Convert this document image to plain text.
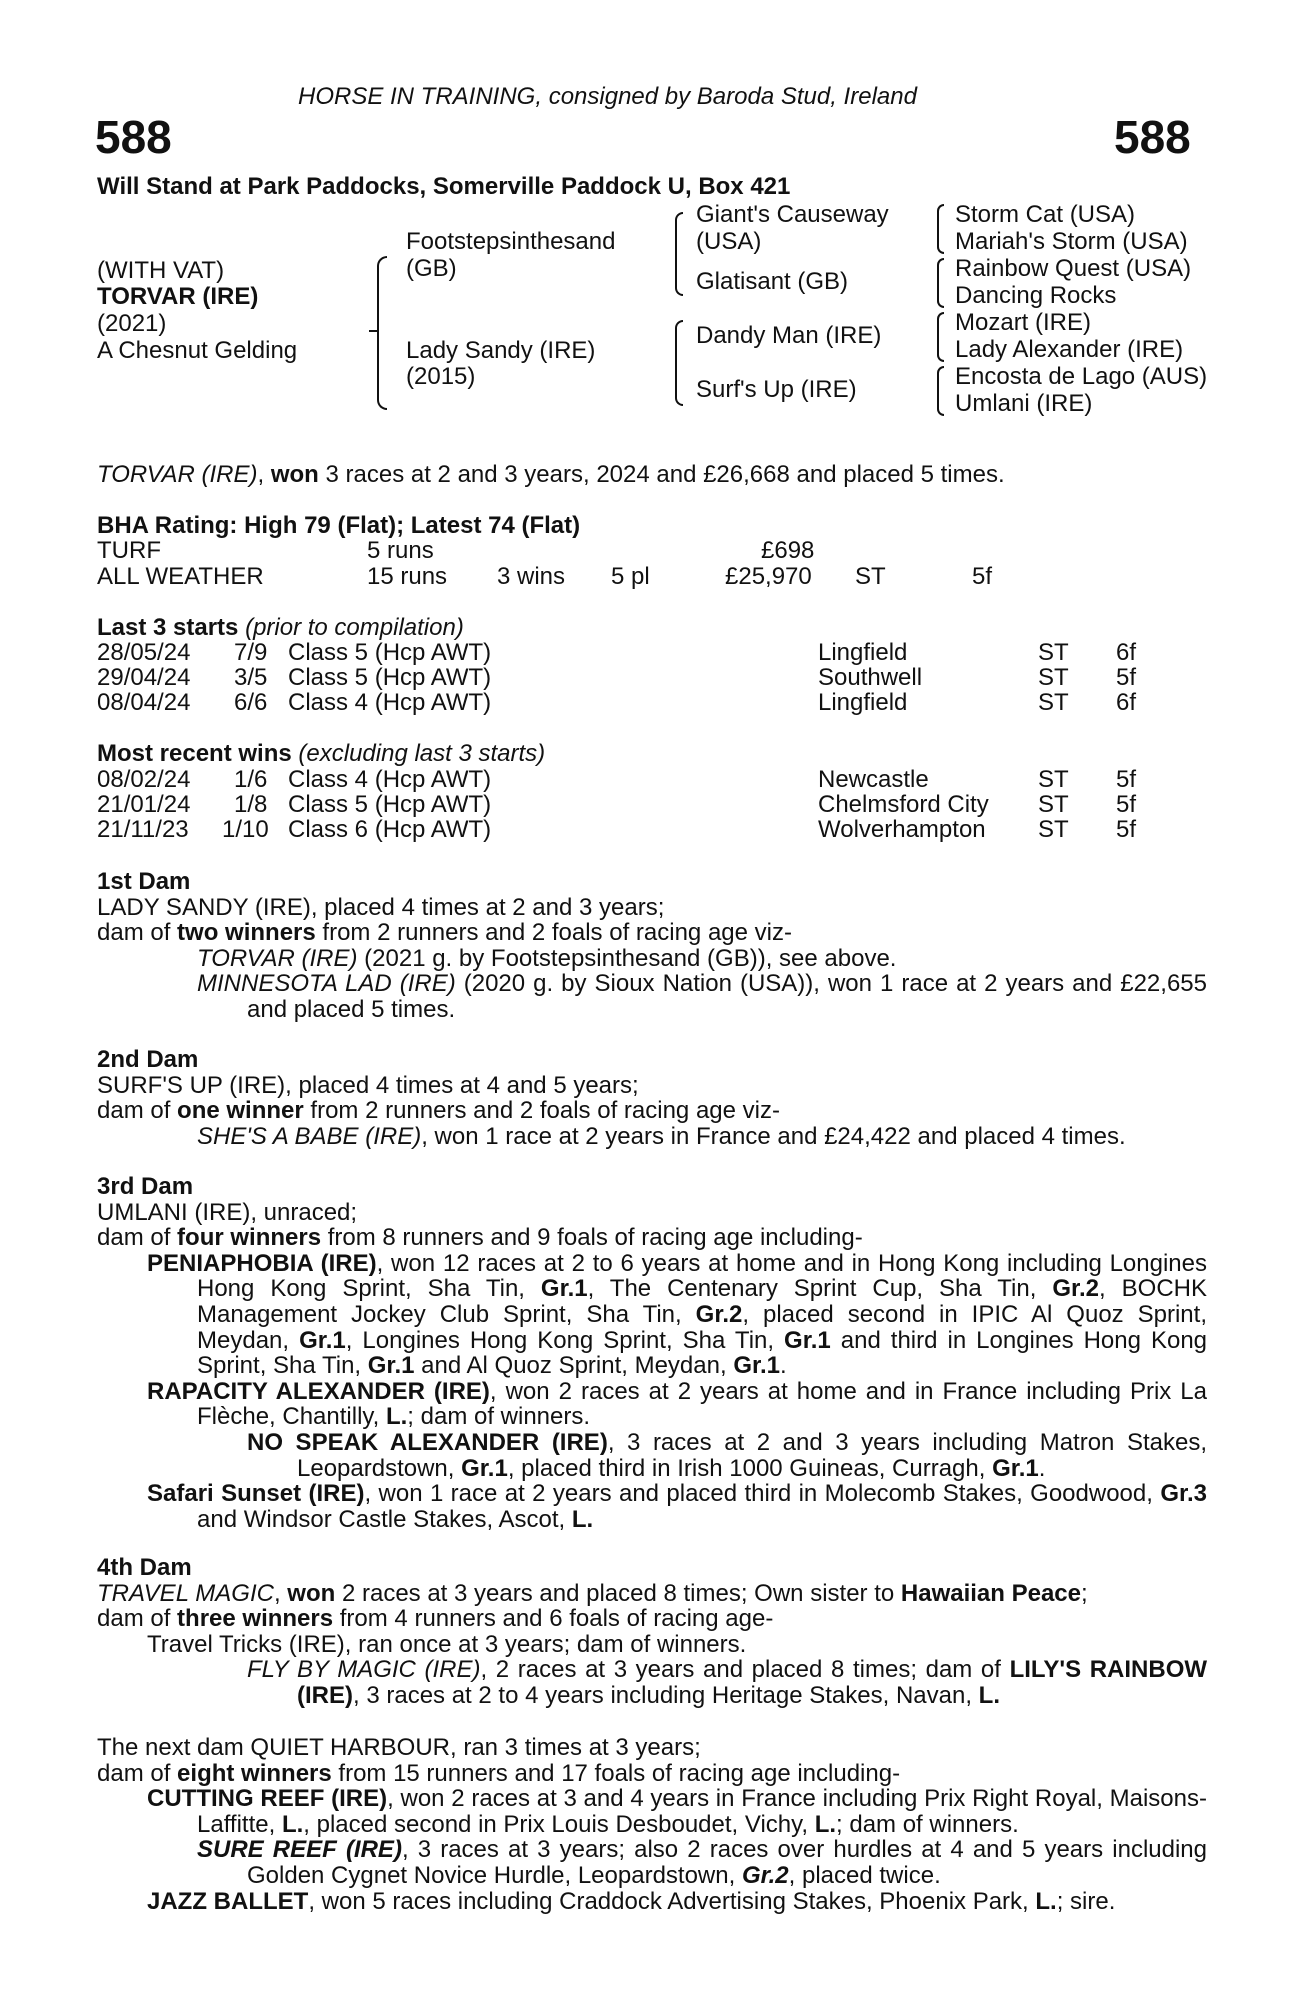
HORSE IN TRAINING, consigned by Baroda Stud, Ireland
588	588
Will Stand at Park Paddocks, Somerville Paddock U, Box 421
(WITH VAT)
TORVAR (IRE)
(2021)
A Chesnut Gelding
Footstepsinthesand
(GB)
Lady Sandy (IRE)
(2015)
Giant's Causeway
(USA)
Glatisant (GB)
Dandy Man (IRE)
Surf's Up (IRE)
Storm Cat (USA)
Mariah's Storm (USA)
Rainbow Quest (USA)
Dancing Rocks
Mozart (IRE)
Lady Alexander (IRE)
Encosta de Lago (AUS)
Umlani (IRE)
TORVAR (IRE), won 3 races at 2 and 3 years, 2024 and £26,668 and placed 5 times.
BHA Rating: High 79 (Flat); Latest 74 (Flat)
TURF	5 runs	£698
ALL WEATHER	15 runs 3 wins 5 pl	£25,970 ST	5f
Last 3 starts (prior to compilation)
28/05/24 7/9 Class 5 (Hcp AWT)	Lingfield	ST 6f
29/04/24 3/5 Class 5 (Hcp AWT)	Southwell	ST 5f
08/04/24 6/6 Class 4 (Hcp AWT)	Lingfield	ST 6f
Most recent wins (excluding last 3 starts)
08/02/24 1/6 Class 4 (Hcp AWT)	Newcastle	ST 5f
21/01/24 1/8 Class 5 (Hcp AWT)	Chelmsford City ST 5f
21/11/23 1/10 Class 6 (Hcp AWT)	Wolverhampton ST 5f
1st Dam
LADY SANDY (IRE), placed 4 times at 2 and 3 years;
dam of two winners from 2 runners and 2 foals of racing age viz-
TORVAR (IRE) (2021 g. by Footstepsinthesand (GB)), see above.
MINNESOTA LAD (IRE) (2020 g. by Sioux Nation (USA)), won 1 race at 2 years and £22,655 and placed 5 times.
2nd Dam
SURF'S UP (IRE), placed 4 times at 4 and 5 years;
dam of one winner from 2 runners and 2 foals of racing age viz-
SHE'S A BABE (IRE), won 1 race at 2 years in France and £24,422 and placed 4 times.
3rd Dam
UMLANI (IRE), unraced;
dam of four winners from 8 runners and 9 foals of racing age including-
PENIAPHOBIA (IRE), won 12 races at 2 to 6 years at home and in Hong Kong including Longines Hong Kong Sprint, Sha Tin, Gr.1, The Centenary Sprint Cup, Sha Tin, Gr.2, BOCHK Management Jockey Club Sprint, Sha Tin, Gr.2, placed second in IPIC Al Quoz Sprint, Meydan, Gr.1, Longines Hong Kong Sprint, Sha Tin, Gr.1 and third in Longines Hong Kong Sprint, Sha Tin, Gr.1 and Al Quoz Sprint, Meydan, Gr.1.
RAPACITY ALEXANDER (IRE), won 2 races at 2 years at home and in France including Prix La Flèche, Chantilly, L.; dam of winners.
NO SPEAK ALEXANDER (IRE), 3 races at 2 and 3 years including Matron Stakes, Leopardstown, Gr.1, placed third in Irish 1000 Guineas, Curragh, Gr.1.
Safari Sunset (IRE), won 1 race at 2 years and placed third in Molecomb Stakes, Goodwood, Gr.3 and Windsor Castle Stakes, Ascot, L.
4th Dam
TRAVEL MAGIC, won 2 races at 3 years and placed 8 times; Own sister to Hawaiian Peace;
dam of three winners from 4 runners and 6 foals of racing age-
Travel Tricks (IRE), ran once at 3 years; dam of winners.
FLY BY MAGIC (IRE), 2 races at 3 years and placed 8 times; dam of LILY'S RAINBOW (IRE), 3 races at 2 to 4 years including Heritage Stakes, Navan, L.
The next dam QUIET HARBOUR, ran 3 times at 3 years;
dam of eight winners from 15 runners and 17 foals of racing age including-
CUTTING REEF (IRE), won 2 races at 3 and 4 years in France including Prix Right Royal, Maisons-Laffitte, L., placed second in Prix Louis Desboudet, Vichy, L.; dam of winners.
SURE REEF (IRE), 3 races at 3 years; also 2 races over hurdles at 4 and 5 years including Golden Cygnet Novice Hurdle, Leopardstown, Gr.2, placed twice.
JAZZ BALLET, won 5 races including Craddock Advertising Stakes, Phoenix Park, L.; sire.
